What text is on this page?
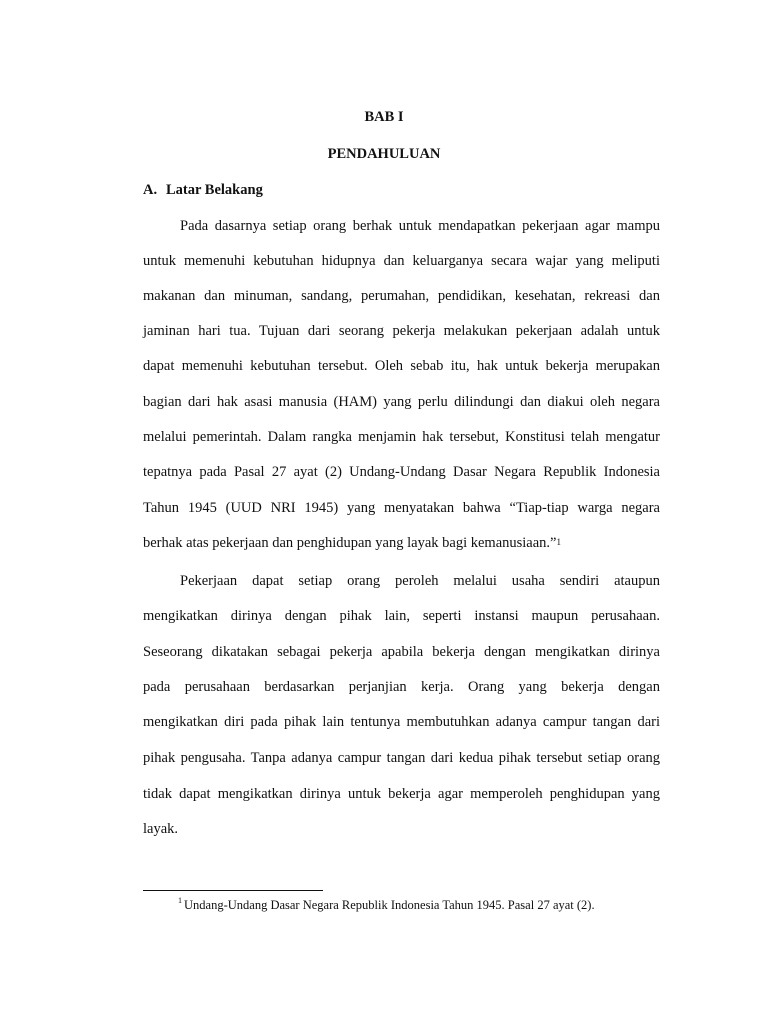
BAB I
PENDAHULUAN
A. Latar Belakang
Pada dasarnya setiap orang berhak untuk mendapatkan pekerjaan agar mampu
untuk memenuhi kebutuhan hidupnya dan keluarganya secara wajar yang meliputi
makanan dan minuman, sandang, perumahan, pendidikan, kesehatan, rekreasi dan
jaminan hari tua. Tujuan dari seorang pekerja melakukan pekerjaan adalah untuk
dapat memenuhi kebutuhan tersebut. Oleh sebab itu, hak untuk bekerja merupakan
bagian dari hak asasi manusia (HAM) yang perlu dilindungi dan diakui oleh negara
melalui pemerintah. Dalam rangka menjamin hak tersebut, Konstitusi telah mengatur
tepatnya pada Pasal 27 ayat (2) Undang-Undang Dasar Negara Republik Indonesia
Tahun 1945 (UUD NRI 1945) yang menyatakan bahwa “Tiap-tiap warga negara
berhak atas pekerjaan dan penghidupan yang layak bagi kemanusiaan.”$^1$
Pekerjaan dapat setiap orang peroleh melalui usaha sendiri ataupun
mengikatkan dirinya dengan pihak lain, seperti instansi maupun perusahaan.
Seseorang dikatakan sebagai pekerja apabila bekerja dengan mengikatkan dirinya
pada perusahaan berdasarkan perjanjian kerja. Orang yang bekerja dengan
mengikatkan diri pada pihak lain tentunya membutuhkan adanya campur tangan dari
pihak pengusaha. Tanpa adanya campur tangan dari kedua pihak tersebut setiap orang
tidak dapat mengikatkan dirinya untuk bekerja agar memperoleh penghidupan yang
layak.
$^1$ Undang-Undang Dasar Negara Republik Indonesia Tahun 1945. Pasal 27 ayat (2).
